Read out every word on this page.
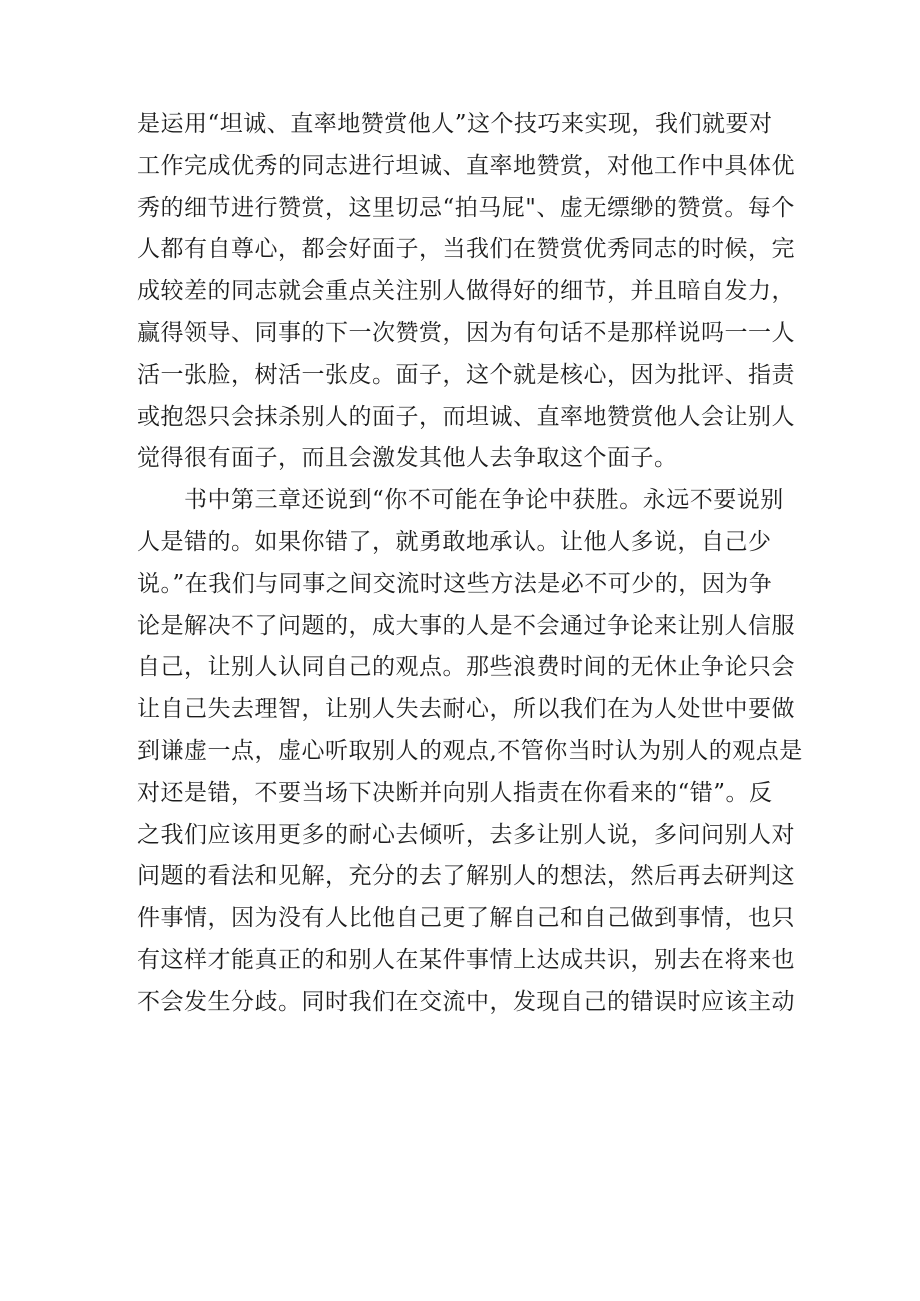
是运用“坦诚、直率地赞赏他人”这个技巧来实现，我们就要对
工作完成优秀的同志进行坦诚、直率地赞赏，对他工作中具体优
秀的细节进行赞赏，这里切忌“拍马屁"、虚无缥缈的赞赏。每个
人都有自尊心，都会好面子，当我们在赞赏优秀同志的时候，完
成较差的同志就会重点关注别人做得好的细节，并且暗自发力，
赢得领导、同事的下一次赞赏，因为有句话不是那样说吗一一人
活一张脸，树活一张皮。面子，这个就是核心，因为批评、指责
或抱怨只会抹杀别人的面子，而坦诚、直率地赞赏他人会让别人
觉得很有面子，而且会激发其他人去争取这个面子。
　　书中第三章还说到“你不可能在争论中获胜。永远不要说别
人是错的。如果你错了，就勇敢地承认。让他人多说，自己少
说。”在我们与同事之间交流时这些方法是必不可少的，因为争
论是解决不了问题的，成大事的人是不会通过争论来让别人信服
自己，让别人认同自己的观点。那些浪费时间的无休止争论只会
让自己失去理智，让别人失去耐心，所以我们在为人处世中要做
到谦虚一点，虚心听取别人的观点,不管你当时认为别人的观点是
对还是错，不要当场下决断并向别人指责在你看来的“错”。反
之我们应该用更多的耐心去倾听，去多让别人说，多问问别人对
问题的看法和见解，充分的去了解别人的想法，然后再去研判这
件事情，因为没有人比他自己更了解自己和自己做到事情，也只
有这样才能真正的和别人在某件事情上达成共识，别去在将来也
不会发生分歧。同时我们在交流中，发现自己的错误时应该主动
